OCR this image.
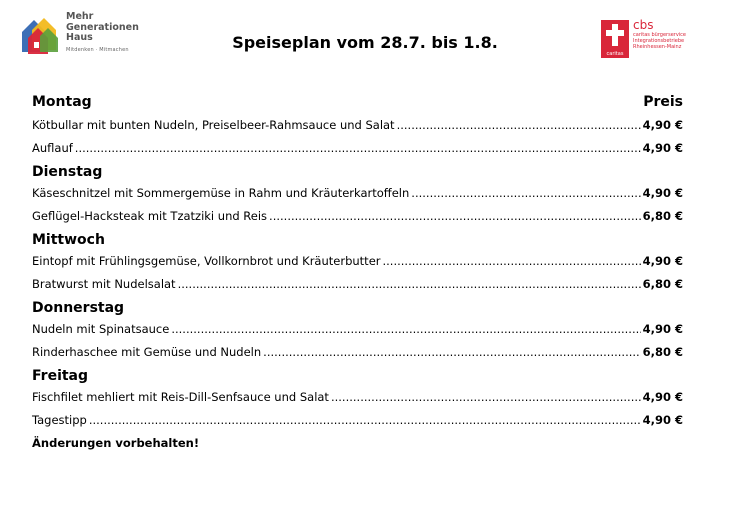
Mehr
Generationen
Haus
Mitdenken · Mitmachen	Speiseplan vom 28.7. bis 1.8.
caritas
cbs
caritas bürgerservice
Integrationsbetriebe
Rheinhessen-Mainz
Montag	Preis
Kötbullar mit bunten Nudeln, Preiselbeer-Rahmsauce und Salat .....	4,90 €
Auflauf .....	4,90 €
Dienstag
Käseschnitzel mit Sommergemüse in Rahm und Kräuterkartoffeln .....	4,90 €
Geflügel-Hacksteak mit Tzatziki und Reis .....	6,80 €
Mittwoch
Eintopf mit Frühlingsgemüse, Vollkornbrot und Kräuterbutter .....	4,90 €
Bratwurst mit Nudelsalat .....	6,80 €
Donnerstag
Nudeln mit Spinatsauce .....	4,90 €
Rinderhaschee mit Gemüse und Nudeln .....	6,80 €
Freitag
Fischfilet mehliert mit Reis-Dill-Senfsauce und Salat .....	4,90 €
Tagestipp .....	4,90 €
Änderungen vorbehalten!
